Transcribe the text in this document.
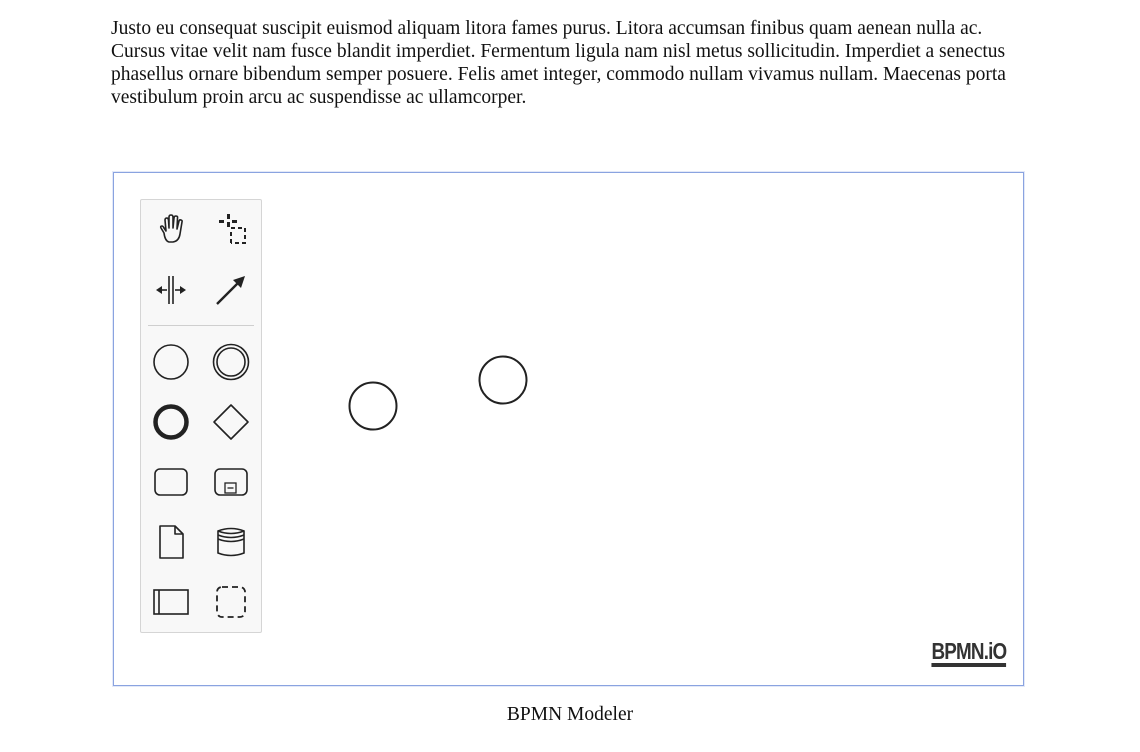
Justo eu consequat suscipit euismod aliquam litora fames purus. Litora accumsan finibus quam aenean nulla ac. Cursus vitae velit nam fusce blandit imperdiet. Fermentum ligula nam nisl metus sollicitudin. Imperdiet a senectus phasellus ornare bibendum semper posuere. Felis amet integer, commodo nullam vivamus nullam. Maecenas porta vestibulum proin arcu ac suspendisse ac ullamcorper.

BPMN.iO
BPMN Modeler
